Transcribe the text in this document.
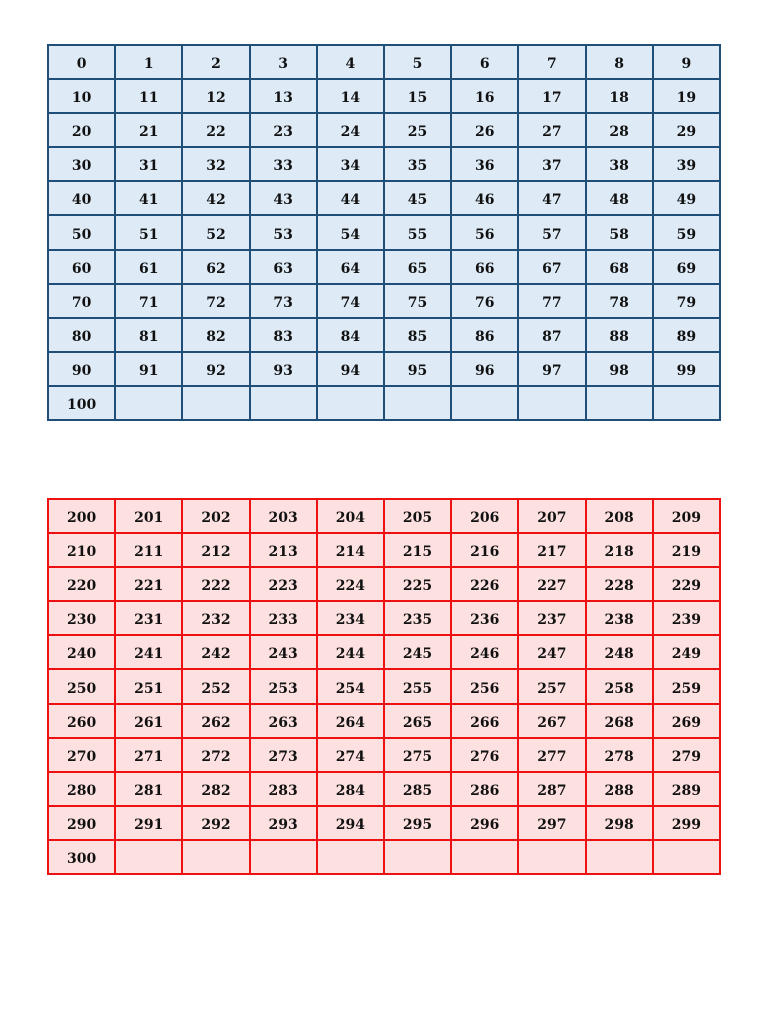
0	1	2	3	4	5	6	7	8	9
10	11	12	13	14	15	16	17	18	19
20	21	22	23	24	25	26	27	28	29
30	31	32	33	34	35	36	37	38	39
40	41	42	43	44	45	46	47	48	49
50	51	52	53	54	55	56	57	58	59
60	61	62	63	64	65	66	67	68	69
70	71	72	73	74	75	76	77	78	79
80	81	82	83	84	85	86	87	88	89
90	91	92	93	94	95	96	97	98	99
100									
200	201	202	203	204	205	206	207	208	209
210	211	212	213	214	215	216	217	218	219
220	221	222	223	224	225	226	227	228	229
230	231	232	233	234	235	236	237	238	239
240	241	242	243	244	245	246	247	248	249
250	251	252	253	254	255	256	257	258	259
260	261	262	263	264	265	266	267	268	269
270	271	272	273	274	275	276	277	278	279
280	281	282	283	284	285	286	287	288	289
290	291	292	293	294	295	296	297	298	299
300									
